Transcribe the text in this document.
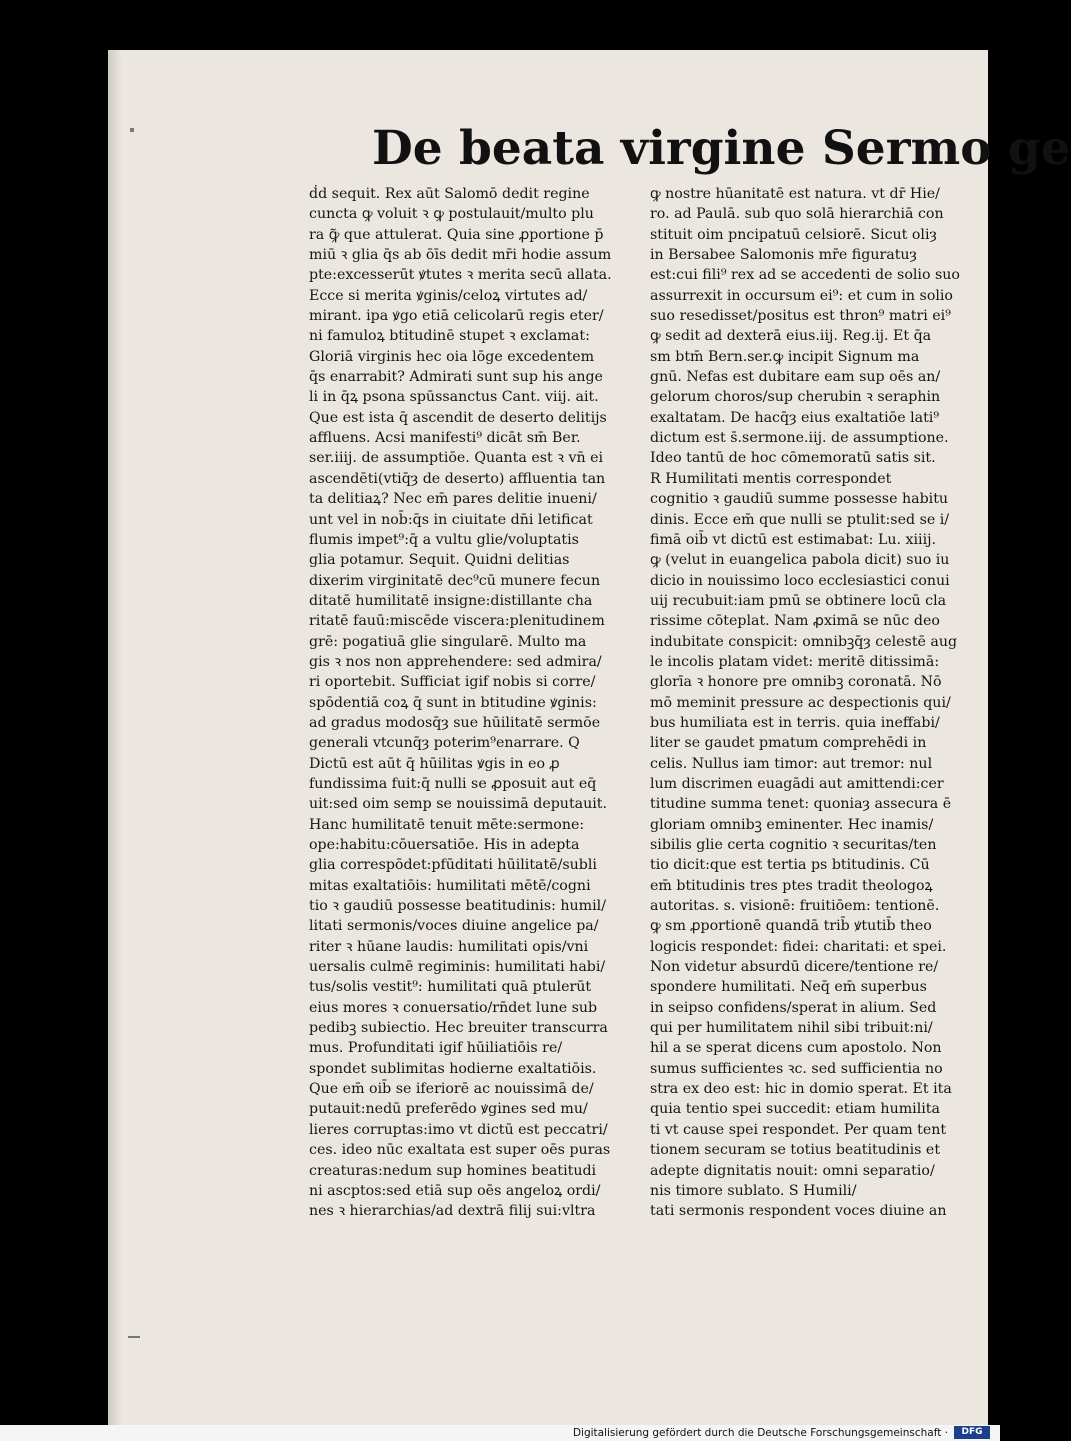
De beata virgine Sermo ge
ḋd sequit. Rex aūt Salomō dedit regine
cuncta ꝙ voluit ꝛ ꝙ postulauit/multo plu
ra ꝙ͂ que attulerat. Quia sine ꝓportione p̄
miū ꝛ glia q̄s ab ōīs dedit mr̄i hodie assum
pte:excesserūt ꝟtutes ꝛ merita secū allata.
Ecce si merita ꝟginis/celoꝝ virtutes ad/
mirant. ipa ꝟgo etiā celicolarū regis eter/
ni famuloꝝ btitudinē stupet ꝛ exclamat:
Gloriā virginis hec oia lōge excedentem
q̄s enarrabit? Admirati sunt sup his ange
li in q̄ꝝ psona spūssanctus Cant. viij. ait.
Que est ista q̄ ascendit de deserto delitijs
affluens. Acsi manifesti⁹ dicāt sm̄ Ber.
ser.iiij. de assumptiōe. Quanta est ꝛ vn̄ ei
ascendēti(vtiq̄ȝ de deserto) affluentia tan
ta delitiaꝝ? Nec em̄ pares delitie inueni/
unt vel in nob̄:q̄s in ciuitate dn̄i letificat
flumis impet⁹:q̄ a vultu glie/voluptatis
glia potamur. Sequit. Quidni delitias
dixerim virginitatē dec⁹cū munere fecun
ditatē humilitatē insigne:distillante cha
ritatē fauū:miscēde viscera:plenitudinem
grē: pogatiuā glie singularē. Multo ma
gis ꝛ nos non apprehendere: sed admira/
ri oportebit. Sufficiat igif nobis si corre/
spōdentiā coꝝ q̄ sunt in btitudine ꝟginis:
ad gradus modosq̄ȝ sue hūilitatē sermōe
generali vtcunq̄ȝ poterim⁹enarrare. Q
Dictū est aūt q̄ hūilitas ꝟgis in eo ꝓ
fundissima fuit:q̄ nulli se ꝓposuit aut eq̄
uit:sed oim semp se nouissimā deputauit.
Hanc humilitatē tenuit mēte:sermone:
ope:habitu:cōuersatiōe. His in adepta
glia correspōdet:pfūditati hūilitatē/subli
mitas exaltatiōis: humilitati mētē/cogni
tio ꝛ gaudiū possesse beatitudinis: humil/
litati sermonis/voces diuine angelice pa/
riter ꝛ hūane laudis: humilitati opis/vni
uersalis culmē regiminis: humilitati habi/
tus/solis vestit⁹: humilitati quā ptulerūt
eius mores ꝛ conuersatio/rn̄det lune sub
pedibꝫ subiectio. Hec breuiter transcurra
mus. Profunditati igif hūiliatiōis re/
spondet sublimitas hodierne exaltatiōis.
Que em̄ oib̄ se iferiorē ac nouissimā de/
putauit:nedū preferēdo ꝟgines sed mu/
lieres corruptas:imo vt dictū est peccatri/
ces. ideo nūc exaltata est super oēs puras
creaturas:nedum sup homines beatitudi
ni ascptos:sed etiā sup oēs angeloꝝ ordi/
nes ꝛ hierarchias/ad dextrā filij sui:vltra
ꝙ nostre hūanitatē est natura. vt dr̄ Hie/
ro. ad Paulā. sub quo solā hierarchiā con
stituit oim pncipatuū celsiorē. Sicut oliȝ
in Bersabee Salomonis mr̄e figuratuȝ
est:cui fili⁹ rex ad se accedenti de solio suo
assurrexit in occursum ei⁹: et cum in solio
suo resedisset/positus est thron⁹ matri ei⁹
ꝙ sedit ad dexterā eius.iij. Reg.ij. Et q̄a
sm btm̄ Bern.ser.ꝙ incipit Signum ma
gnū. Nefas est dubitare eam sup oēs an/
gelorum choros/sup cherubin ꝛ seraphin
exaltatam. De hacq̄ȝ eius exaltatiōe lati⁹
dictum est s̄.sermone.iij. de assumptione.
Ideo tantū de hoc cōmemoratū satis sit.
R Humilitati mentis correspondet
cognitio ꝛ gaudiū summe possesse habitu
dinis. Ecce em̄ que nulli se ptulit:sed se i/
fimā oib̄ vt dictū est estimabat: Lu. xiiij.
ꝙ (velut in euangelica pabola dicit) suo iu
dicio in nouissimo loco ecclesiastici conui
uij recubuit:iam pmū se obtinere locū cla
rissime cōteplat. Nam ꝓximā se nūc deo
indubitate conspicit: omnibꝫq̄ȝ celestē aug
le incolis platam videt: meritē ditissimā:
glorīa ꝛ honore pre omnibꝫ coronatā. Nō
mō meminit pressure ac despectionis qui/
bus humiliata est in terris. quia ineffabi/
liter se gaudet pmatum comprehēdi in
celis. Nullus iam timor: aut tremor: nul
lum discrimen euagādi aut amittendi:cer
titudine summa tenet: quoniaȝ assecura ē
gloriam omnibꝫ eminenter. Hec inamis/
sibilis glie certa cognitio ꝛ securitas/ten
tio dicit:que est tertia ps btitudinis. Cū
em̄ btitudinis tres ptes tradit theologoꝝ
autoritas. s. visionē: fruitiōem: tentionē.
ꝙ sm ꝓportionē quandā trib̄ ꝟtutib̄ theo
logicis respondet: fidei: charitati: et spei.
Non videtur absurdū dicere/tentione re/
spondere humilitati. Neq̄ em̄ superbus
in seipso confidens/sperat in alium. Sed
qui per humilitatem nihil sibi tribuit:ni/
hil a se sperat dicens cum apostolo. Non
sumus sufficientes ꝛc. sed sufficientia no
stra ex deo est: hic in domio sperat. Et ita
quia tentio spei succedit: etiam humilita
ti vt cause spei respondet. Per quam tent
tionem securam se totius beatitudinis et
adepte dignitatis nouit: omni separatio/
nis timore sublato. S Humili/
tati sermonis respondent voces diuine an
Digitalisierung gefördert durch die Deutsche Forschungsgemeinschaft ·	DFG
